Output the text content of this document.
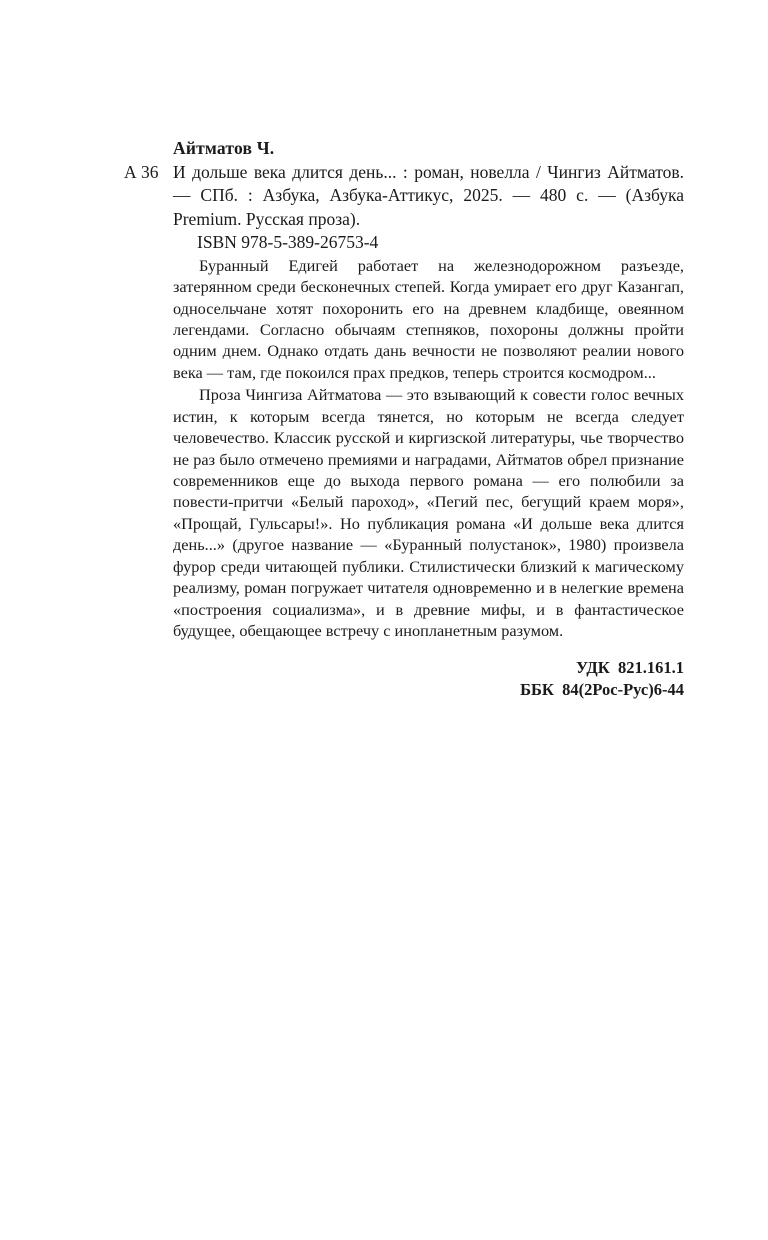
Айтматов Ч.
А 36 И дольше века длится день... : роман, новелла / Чингиз Айтматов. — СПб. : Азбука, Азбука-Аттикус, 2025. — 480 с. — (Азбука Premium. Русская проза).
ISBN 978-5-389-26753-4

Буранный Едигей работает на железнодорожном разъезде, затерянном среди бесконечных степей. Когда умирает его друг Казангап, односельчане хотят похоронить его на древнем кладбище, овеянном легендами. Согласно обычаям степняков, похороны должны пройти одним днем. Однако отдать дань вечности не позволяют реалии нового века — там, где покоился прах предков, теперь строится космодром...

Проза Чингиза Айтматова — это взывающий к совести голос вечных истин, к которым всегда тянется, но которым не всегда следует человечество. Классик русской и киргизской литературы, чье творчество не раз было отмечено премиями и наградами, Айтматов обрел признание современников еще до выхода первого романа — его полюбили за повести-притчи «Белый пароход», «Пегий пес, бегущий краем моря», «Прощай, Гульсары!». Но публикация романа «И дольше века длится день...» (другое название — «Буранный полустанок», 1980) произвела фурор среди читающей публики. Стилистически близкий к магическому реализму, роман погружает читателя одновременно и в нелегкие времена «построения социализма», и в древние мифы, и в фантастическое будущее, обещающее встречу с инопланетным разумом.

УДК  821.161.1
ББК  84(2Рос-Рус)6-44
